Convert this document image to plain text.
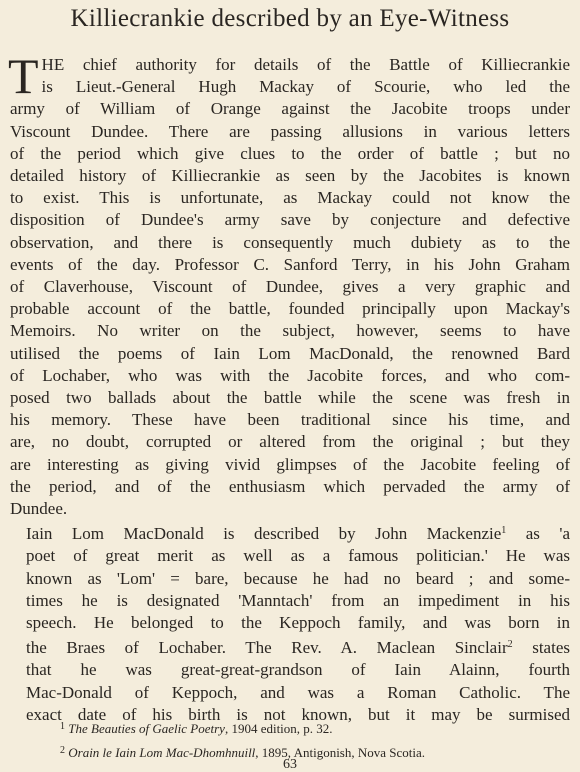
Killiecrankie described by an Eye-Witness

T HE chief authority for details of the Battle of Killiecrankie
is Lieut.-General Hugh Mackay of Scourie, who led the
army of William of Orange against the Jacobite troops under
Viscount Dundee. There are passing allusions in various letters
of the period which give clues to the order of battle ; but no
detailed history of Killiecrankie as seen by the Jacobites is known
to exist. This is unfortunate, as Mackay could not know the
disposition of Dundee's army save by conjecture and defective
observation, and there is consequently much dubiety as to the
events of the day. Professor C. Sanford Terry, in his John Graham
of Claverhouse, Viscount of Dundee, gives a very graphic and
probable account of the battle, founded principally upon Mackay's
Memoirs. No writer on the subject, however, seems to have
utilised the poems of Iain Lom MacDonald, the renowned Bard
of Lochaber, who was with the Jacobite forces, and who com-
posed two ballads about the battle while the scene was fresh in
his memory. These have been traditional since his time, and
are, no doubt, corrupted or altered from the original ; but they
are interesting as giving vivid glimpses of the Jacobite feeling of
the period, and of the enthusiasm which pervaded the army of
Dundee.

Iain Lom MacDonald is described by John Mackenzie$^1$ as 'a
poet of great merit as well as a famous politician.' He was
known as 'Lom' = bare, because he had no beard ; and some-
times he is designated 'Manntach' from an impediment in his
speech. He belonged to the Keppoch family, and was born in
the Braes of Lochaber. The Rev. A. Maclean Sinclair$^2$ states
that he was great-great-grandson of Iain Alainn, fourth
Mac-Donald of Keppoch, and was a Roman Catholic. The
exact date of his birth is not known, but it may be surmised

$^1$ The Beauties of Gaelic Poetry, 1904 edition, p. 32.
$^2$ Orain le Iain Lom Mac-Dhomhnuill, 1895, Antigonish, Nova Scotia.
63
